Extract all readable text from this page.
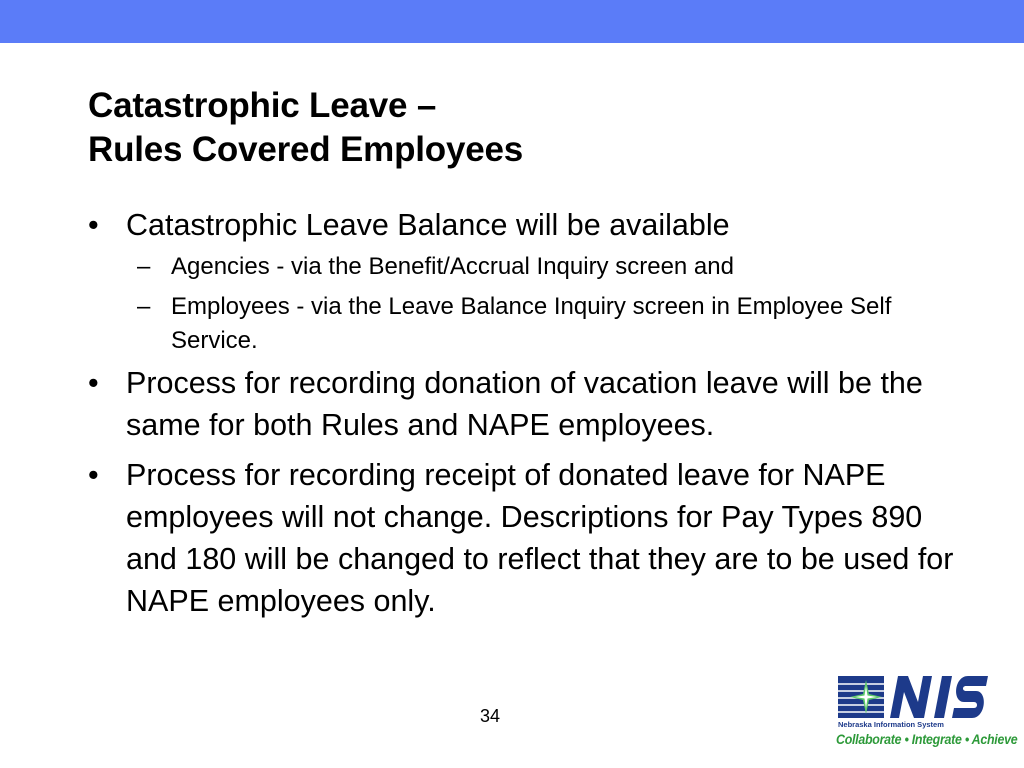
Catastrophic Leave –
Rules Covered Employees
• Catastrophic Leave Balance will be available
– Agencies - via the Benefit/Accrual Inquiry screen and
– Employees - via the Leave Balance Inquiry screen in Employee Self Service.
• Process for recording donation of vacation leave will be the same for both Rules and NAPE employees.
• Process for recording receipt of donated leave for NAPE employees will not change. Descriptions for Pay Types 890 and 180 will be changed to reflect that they are to be used for NAPE employees only.
34	Nebraska Information System
Collaborate • Integrate • Achieve
